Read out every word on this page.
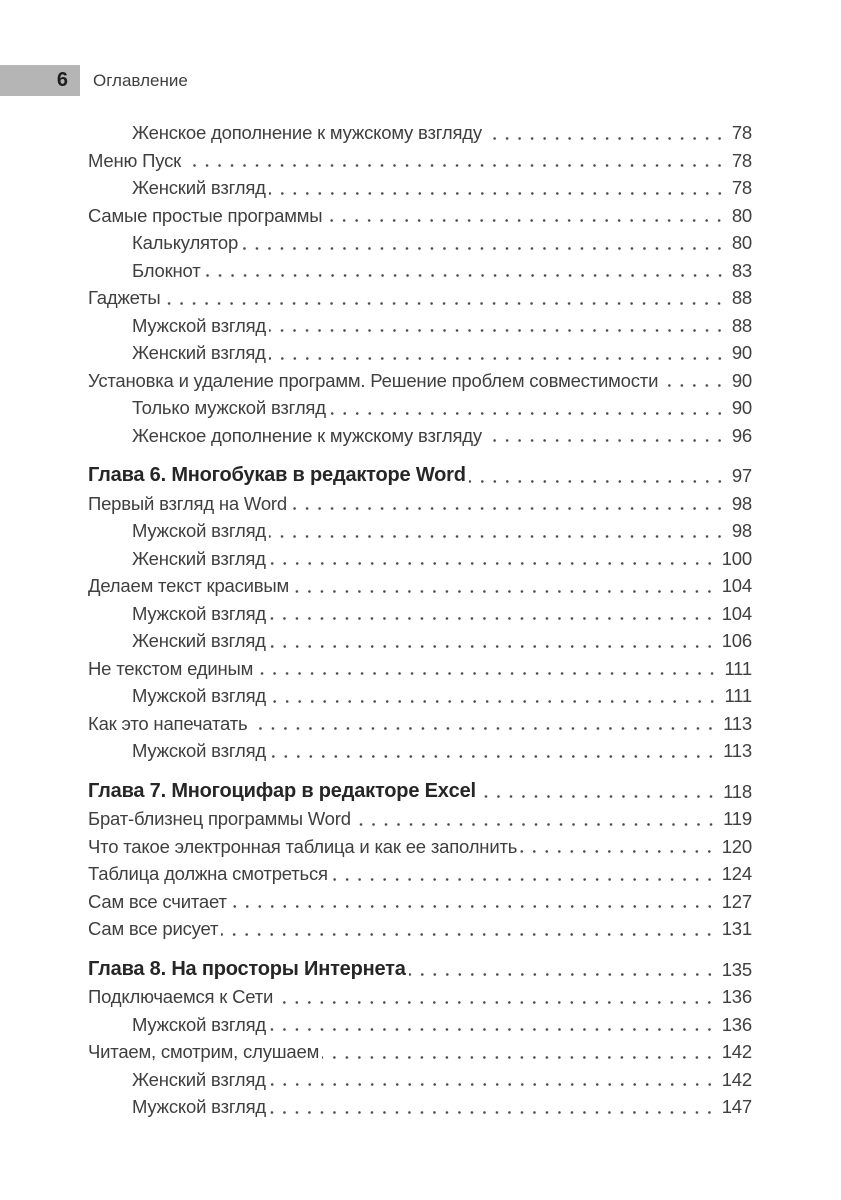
6 Оглавление
Женское дополнение к мужскому взгляду	78
Меню Пуск	78
Женский взгляд	78
Самые простые программы	80
Калькулятор	80
Блокнот	83
Гаджеты	88
Мужской взгляд	88
Женский взгляд	90
Установка и удаление программ. Решение проблем совместимости	90
Только мужской взгляд	90
Женское дополнение к мужскому взгляду	96
Глава 6. Многобукав в редакторе Word	97
Первый взгляд на Word	98
Мужской взгляд	98
Женский взгляд	100
Делаем текст красивым	104
Мужской взгляд	104
Женский взгляд	106
Не текстом единым	111
Мужской взгляд	111
Как это напечатать	113
Мужской взгляд	113
Глава 7. Многоцифар в редакторе Excel	118
Брат-близнец программы Word	119
Что такое электронная таблица и как ее заполнить	120
Таблица должна смотреться	124
Сам все считает	127
Сам все рисует	131
Глава 8. На просторы Интернета	135
Подключаемся к Сети	136
Мужской взгляд	136
Читаем, смотрим, слушаем	142
Женский взгляд	142
Мужской взгляд	147
